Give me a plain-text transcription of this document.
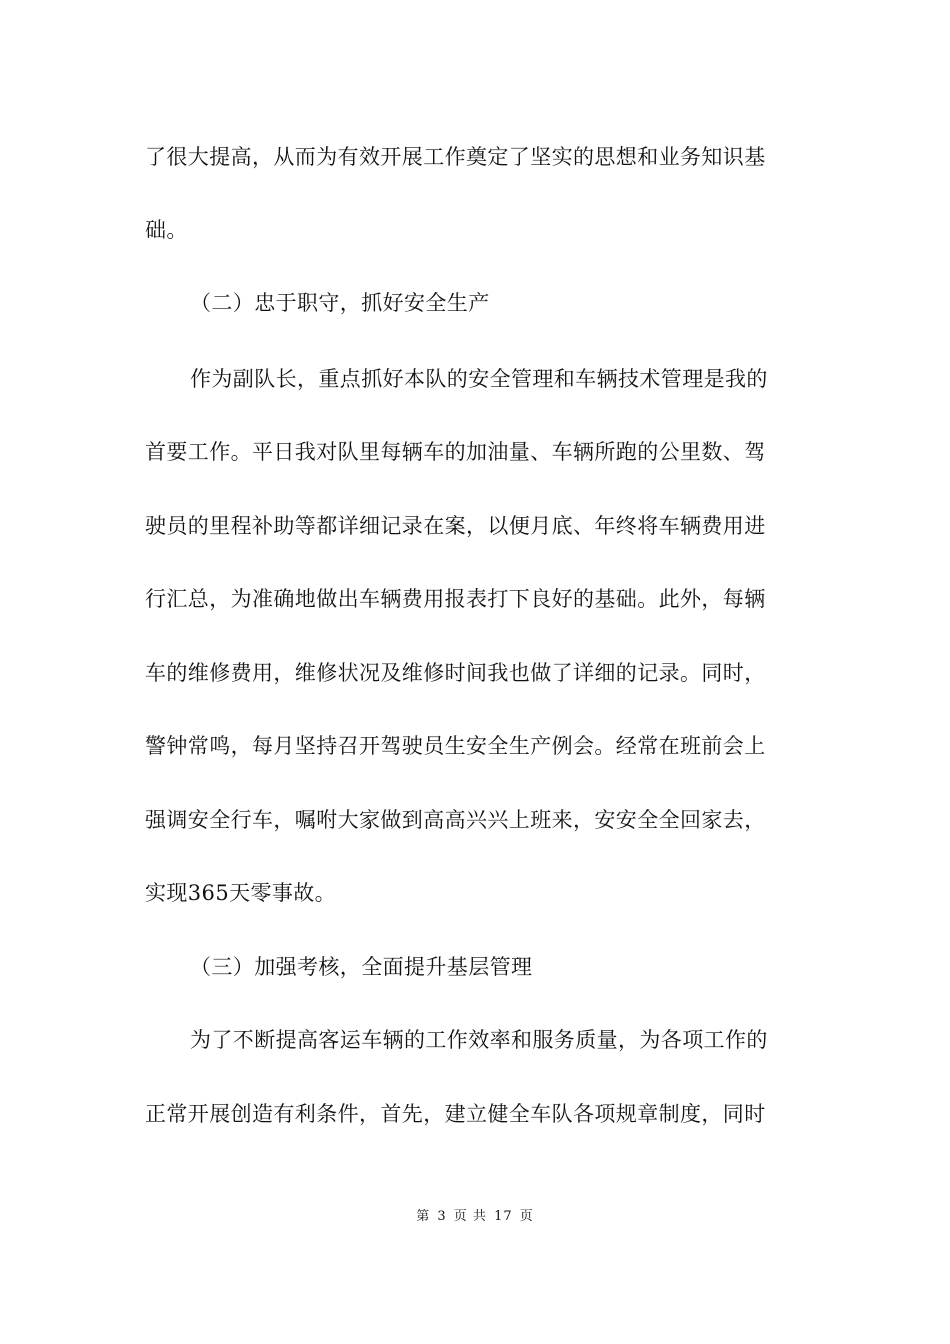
了很大提高，从而为有效开展工作奠定了坚实的思想和业务知识基
础。
（二）忠于职守，抓好安全生产
作为副队长，重点抓好本队的安全管理和车辆技术管理是我的
首要工作。平日我对队里每辆车的加油量、车辆所跑的公里数、驾
驶员的里程补助等都详细记录在案，以便月底、年终将车辆费用进
行汇总，为准确地做出车辆费用报表打下良好的基础。此外，每辆
车的维修费用，维修状况及维修时间我也做了详细的记录。同时，
警钟常鸣，每月坚持召开驾驶员生安全生产例会。经常在班前会上
强调安全行车，嘱咐大家做到高高兴兴上班来，安安全全回家去，
实现365天零事故。
（三）加强考核，全面提升基层管理
为了不断提高客运车辆的工作效率和服务质量，为各项工作的
正常开展创造有利条件，首先，建立健全车队各项规章制度，同时
第 3 页 共 17 页
